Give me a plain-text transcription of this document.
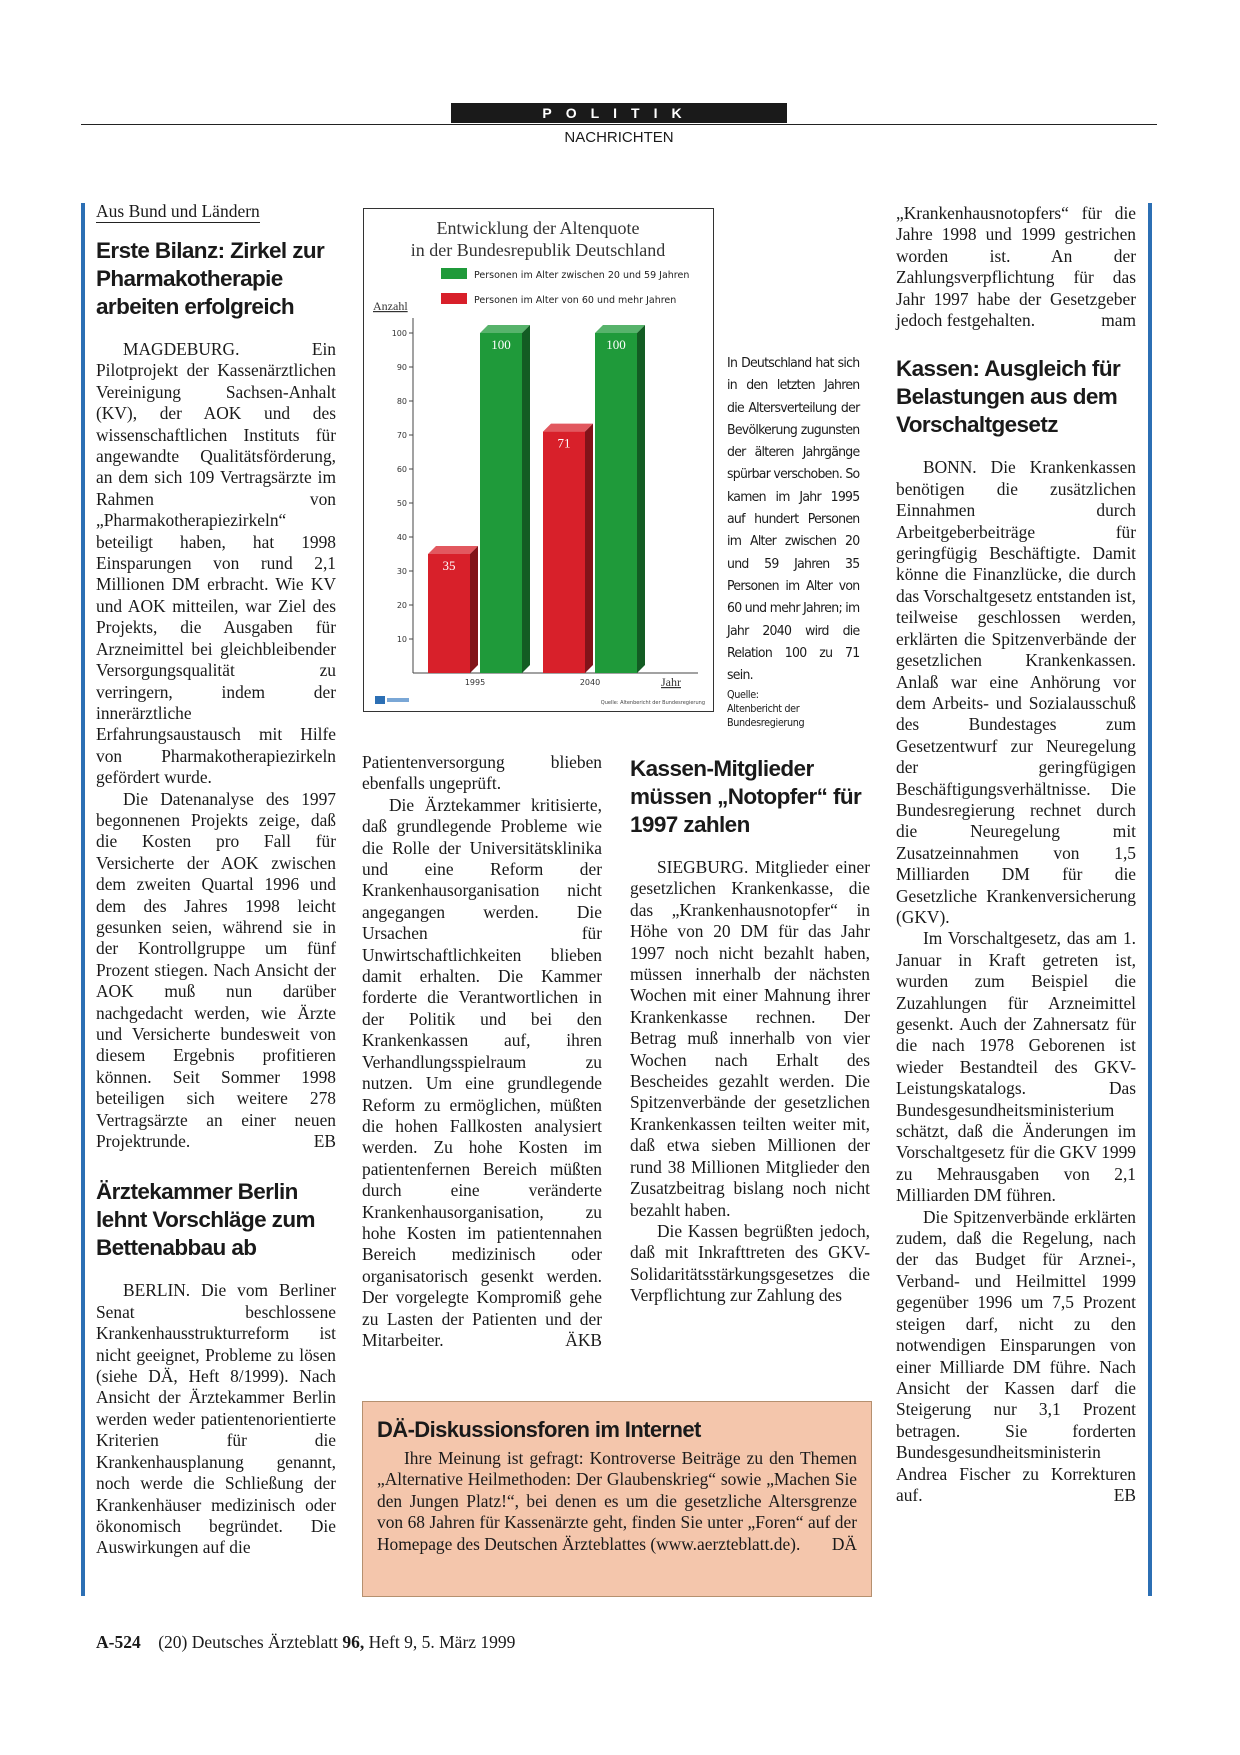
POLITIK
NACHRICHTEN
Aus Bund und Ländern
Erste Bilanz: Zirkel zur Pharmakotherapie arbeiten erfolgreich

MAGDEBURG. Ein Pilotprojekt der Kassenärztlichen Vereinigung Sachsen-Anhalt (KV), der AOK und des wissenschaftlichen Instituts für angewandte Qualitätsförderung, an dem sich 109 Vertragsärzte im Rahmen von „Pharmakotherapiezirkeln“ beteiligt haben, hat 1998 Einsparungen von rund 2,1 Millionen DM erbracht. Wie KV und AOK mitteilen, war Ziel des Projekts, die Ausgaben für Arzneimittel bei gleichbleibender Versorgungsqualität zu verringern, indem der innerärztliche Erfahrungsaustausch mit Hilfe von Pharmakotherapiezirkeln gefördert wurde.

Die Datenanalyse des 1997 begonnenen Projekts zeige, daß die Kosten pro Fall für Versicherte der AOK zwischen dem zweiten Quartal 1996 und dem des Jahres 1998 leicht gesunken seien, während sie in der Kontrollgruppe um fünf Prozent stiegen. Nach Ansicht der AOK muß nun darüber nachgedacht werden, wie Ärzte und Versicherte bundesweit von diesem Ergebnis profitieren können. Seit Sommer 1998 beteiligen sich weitere 278 Vertragsärzte an einer neuen Projektrunde.	EB

Ärztekammer Berlin lehnt Vorschläge zum Bettenabbau ab

BERLIN. Die vom Berliner Senat beschlossene Krankenhausstrukturreform ist nicht geeignet, Probleme zu lösen (siehe DÄ, Heft 8/1999). Nach Ansicht der Ärztekammer Berlin werden weder patientenorientierte Kriterien für die Krankenhausplanung genannt, noch werde die Schließung der Krankenhäuser medizinisch oder ökonomisch begründet. Die Auswirkungen auf die

Entwicklung der Altenquote
in der Bundesrepublik Deutschland
Personen im Alter zwischen 20 und 59 Jahren
Personen im Alter von 60 und mehr Jahren
Anzahl
Jahr
Quelle: Altenbericht der Bundesregierung
10
20
30
40
50
60
70
80
90
100
35
100
1995
71
100
2040
In Deutschland hat sich in den letzten Jahren die Altersverteilung der Bevölkerung zugunsten der älteren Jahrgänge spürbar verschoben. So kamen im Jahr 1995 auf hundert Personen im Alter zwischen 20 und 59 Jahren 35 Personen im Alter von 60 und mehr Jahren; im Jahr 2040 wird die Relation 100 zu 71 sein.
Quelle:
Altenbericht der Bundesregierung

Patientenversorgung blieben ebenfalls ungeprüft.

Die Ärztekammer kritisierte, daß grundlegende Probleme wie die Rolle der Universitätsklinika und eine Reform der Krankenhausorganisation nicht angegangen werden. Die Ursachen für Unwirtschaftlichkeiten blieben damit erhalten. Die Kammer forderte die Verantwortlichen in der Politik und bei den Krankenkassen auf, ihren Verhandlungsspielraum zu nutzen. Um eine grundlegende Reform zu ermöglichen, müßten die hohen Fallkosten analysiert werden. Zu hohe Kosten im patientenfernen Bereich müßten durch eine veränderte Krankenhausorganisation, zu hohe Kosten im patientennahen Bereich medizinisch oder organisatorisch gesenkt werden. Der vorgelegte Kompromiß gehe zu Lasten der Patienten und der Mitarbeiter.	ÄKB

Kassen-Mitglieder müssen „Notopfer“ für 1997 zahlen

SIEGBURG. Mitglieder einer gesetzlichen Krankenkasse, die das „Krankenhausnotopfer“ in Höhe von 20 DM für das Jahr 1997 noch nicht bezahlt haben, müssen innerhalb der nächsten Wochen mit einer Mahnung ihrer Krankenkasse rechnen. Der Betrag muß innerhalb von vier Wochen nach Erhalt des Bescheides gezahlt werden. Die Spitzenverbände der gesetzlichen Krankenkassen teilten weiter mit, daß etwa sieben Millionen der rund 38 Millionen Mitglieder den Zusatzbeitrag bislang noch nicht bezahlt haben.

Die Kassen begrüßten jedoch, daß mit Inkrafttreten des GKV-Solidaritätsstärkungsgesetzes die Verpflichtung zur Zahlung des

„Krankenhausnotopfers“ für die Jahre 1998 und 1999 gestrichen worden ist. An der Zahlungsverpflichtung für das Jahr 1997 habe der Gesetzgeber jedoch festgehalten.	mam

Kassen: Ausgleich für Belastungen aus dem Vorschaltgesetz

BONN. Die Krankenkassen benötigen die zusätzlichen Einnahmen durch Arbeitgeberbeiträge für geringfügig Beschäftigte. Damit könne die Finanzlücke, die durch das Vorschaltgesetz entstanden ist, teilweise geschlossen werden, erklärten die Spitzenverbände der gesetzlichen Krankenkassen. Anlaß war eine Anhörung vor dem Arbeits- und Sozialausschuß des Bundestages zum Gesetzentwurf zur Neuregelung der geringfügigen Beschäftigungsverhältnisse. Die Bundesregierung rechnet durch die Neuregelung mit Zusatzeinnahmen von 1,5 Milliarden DM für die Gesetzliche Krankenversicherung (GKV).

Im Vorschaltgesetz, das am 1. Januar in Kraft getreten ist, wurden zum Beispiel die Zuzahlungen für Arzneimittel gesenkt. Auch der Zahnersatz für die nach 1978 Geborenen ist wieder Bestandteil des GKV-Leistungskatalogs. Das Bundesgesundheitsministerium schätzt, daß die Änderungen im Vorschaltgesetz für die GKV 1999 zu Mehrausgaben von 2,1 Milliarden DM führen.

Die Spitzenverbände erklärten zudem, daß die Regelung, nach der das Budget für Arznei-, Verband- und Heilmittel 1999 gegenüber 1996 um 7,5 Prozent steigen darf, nicht zu den notwendigen Einsparungen von einer Milliarde DM führe. Nach Ansicht der Kassen darf die Steigerung nur 3,1 Prozent betragen. Sie forderten Bundesgesundheitsministerin Andrea Fischer zu Korrekturen auf.	EB

DÄ-Diskussionsforen im Internet

Ihre Meinung ist gefragt: Kontroverse Beiträge zu den Themen „Alternative Heilmethoden: Der Glaubenskrieg“ sowie „Machen Sie den Jungen Platz!“, bei denen es um die gesetzliche Altersgrenze von 68 Jahren für Kassenärzte geht, finden Sie unter „Foren“ auf der Homepage des Deutschen Ärzteblattes (www.aerzteblatt.de).	DÄ

A-524 (20) Deutsches Ärzteblatt 96, Heft 9, 5. März 1999
